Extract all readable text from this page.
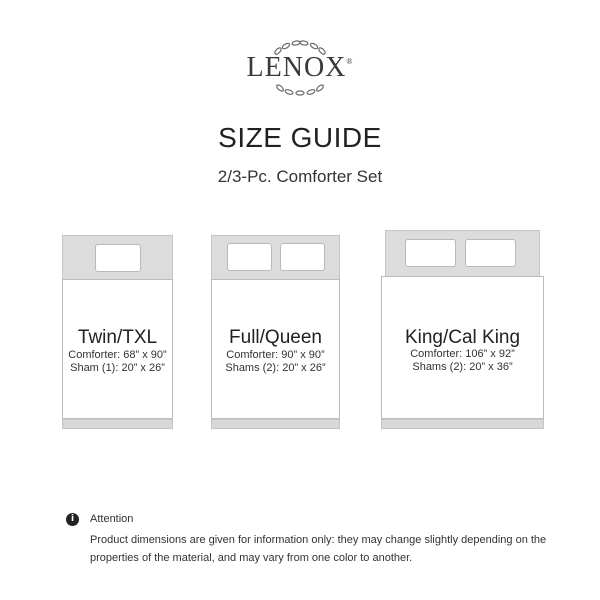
LENOX®
SIZE GUIDE
2/3-Pc. Comforter Set
Twin/TXL
Comforter: 68” x 90”
Sham (1): 20” x 26”
Full/Queen
Comforter: 90” x 90”
Shams (2): 20” x 26”
King/Cal King
Comforter: 106” x 92”
Shams (2): 20” x 36”
i	Attention
Product dimensions are given for information only: they may change slightly depending on the properties of the material, and may vary from one color to another.
